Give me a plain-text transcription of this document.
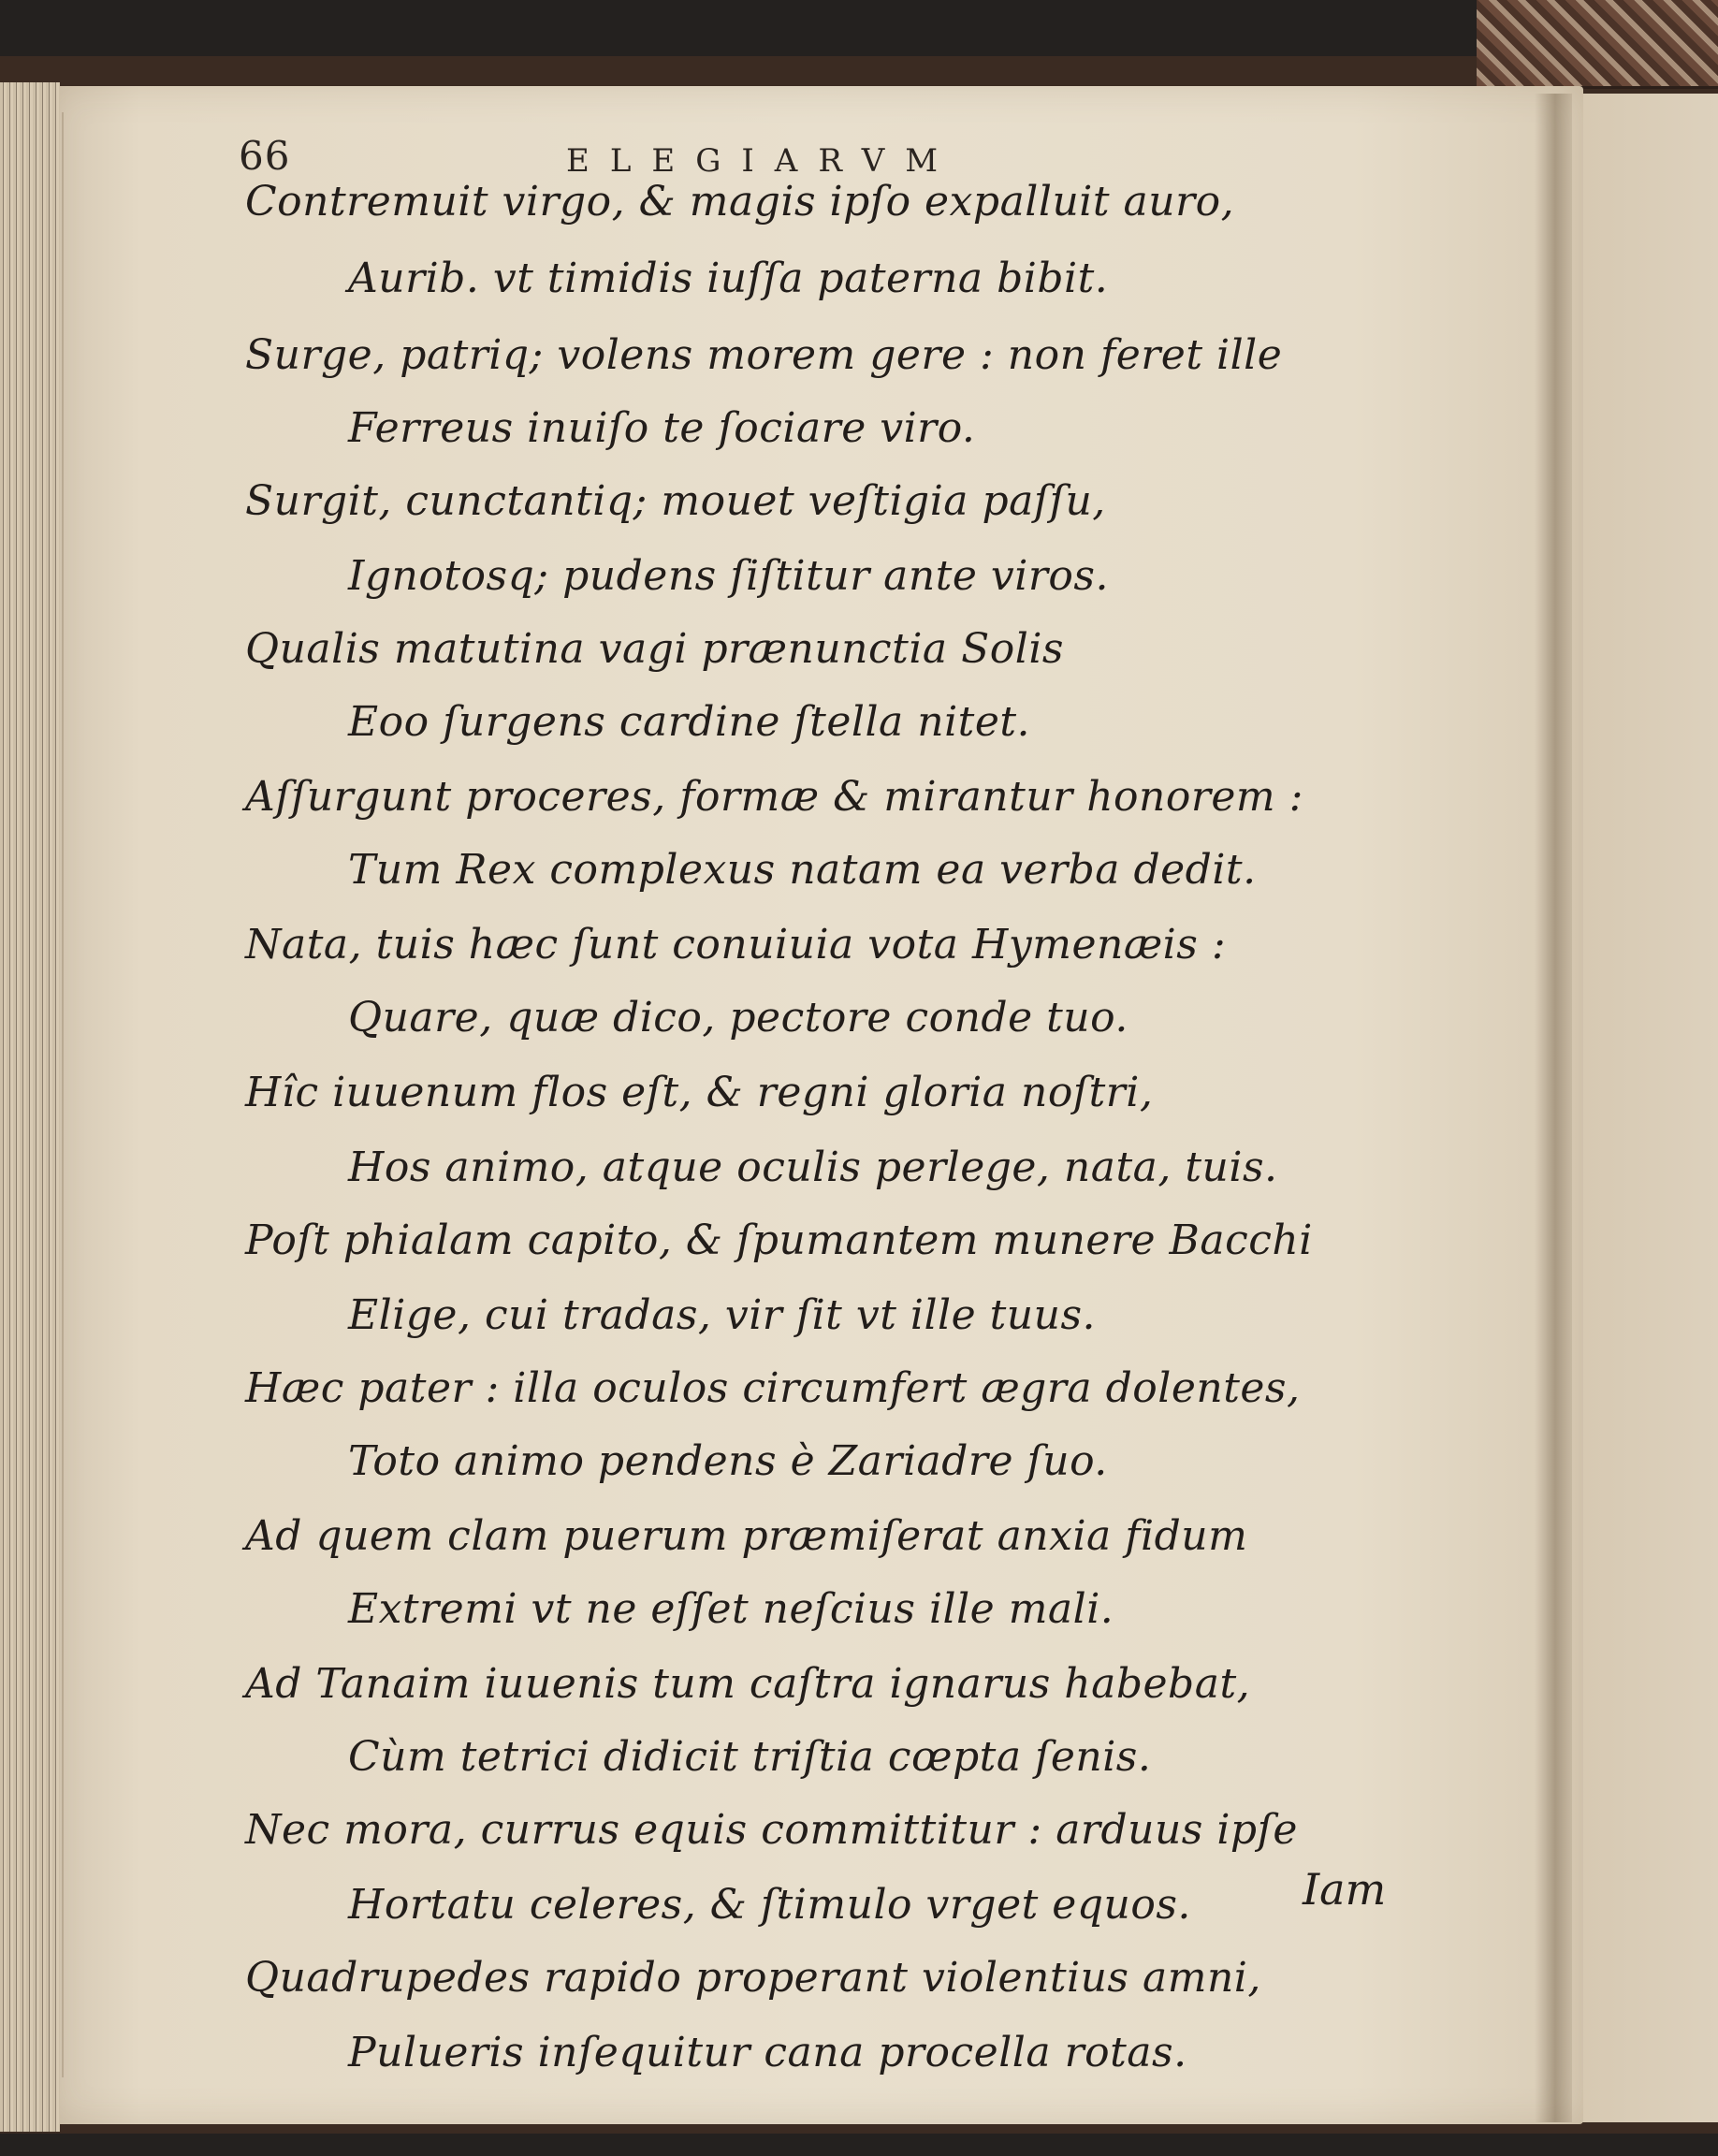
66	ELEGIARVM
Contremuit virgo, & magis ipſo expalluit auro,
Aurib. vt timidis iuſſa paterna bibit.
Surge, patriq; volens morem gere : non feret ille
Ferreus inuiſo te ſociare viro.
Surgit, cunctantiq; mouet veſtigia paſſu,
Ignotosq; pudens ſiſtitur ante viros.
Qualis matutina vagi prænunctia Solis
Eoo ſurgens cardine ſtella nitet.
Aſſurgunt proceres, formæ & mirantur honorem :
Tum Rex complexus natam ea verba dedit.
Nata, tuis hæc ſunt conuiuia vota Hymenæis :
Quare, quæ dico, pectore conde tuo.
Hîc iuuenum flos eſt, & regni gloria noſtri,
Hos animo, atque oculis perlege, nata, tuis.
Poſt phialam capito, & ſpumantem munere Bacchi
Elige, cui tradas, vir ſit vt ille tuus.
Hæc pater : illa oculos circumfert ægra dolentes,
Toto animo pendens è Zariadre ſuo.
Ad quem clam puerum præmiſerat anxia fidum
Extremi vt ne eſſet neſcius ille mali.
Ad Tanaim iuuenis tum caſtra ignarus habebat,
Cùm tetrici didicit triſtia cœpta ſenis.
Nec mora, currus equis committitur : arduus ipſe
Hortatu celeres, & ſtimulo vrget equos.
Quadrupedes rapido properant violentius amni,
Pulueris inſequitur cana procella rotas.
Iam
